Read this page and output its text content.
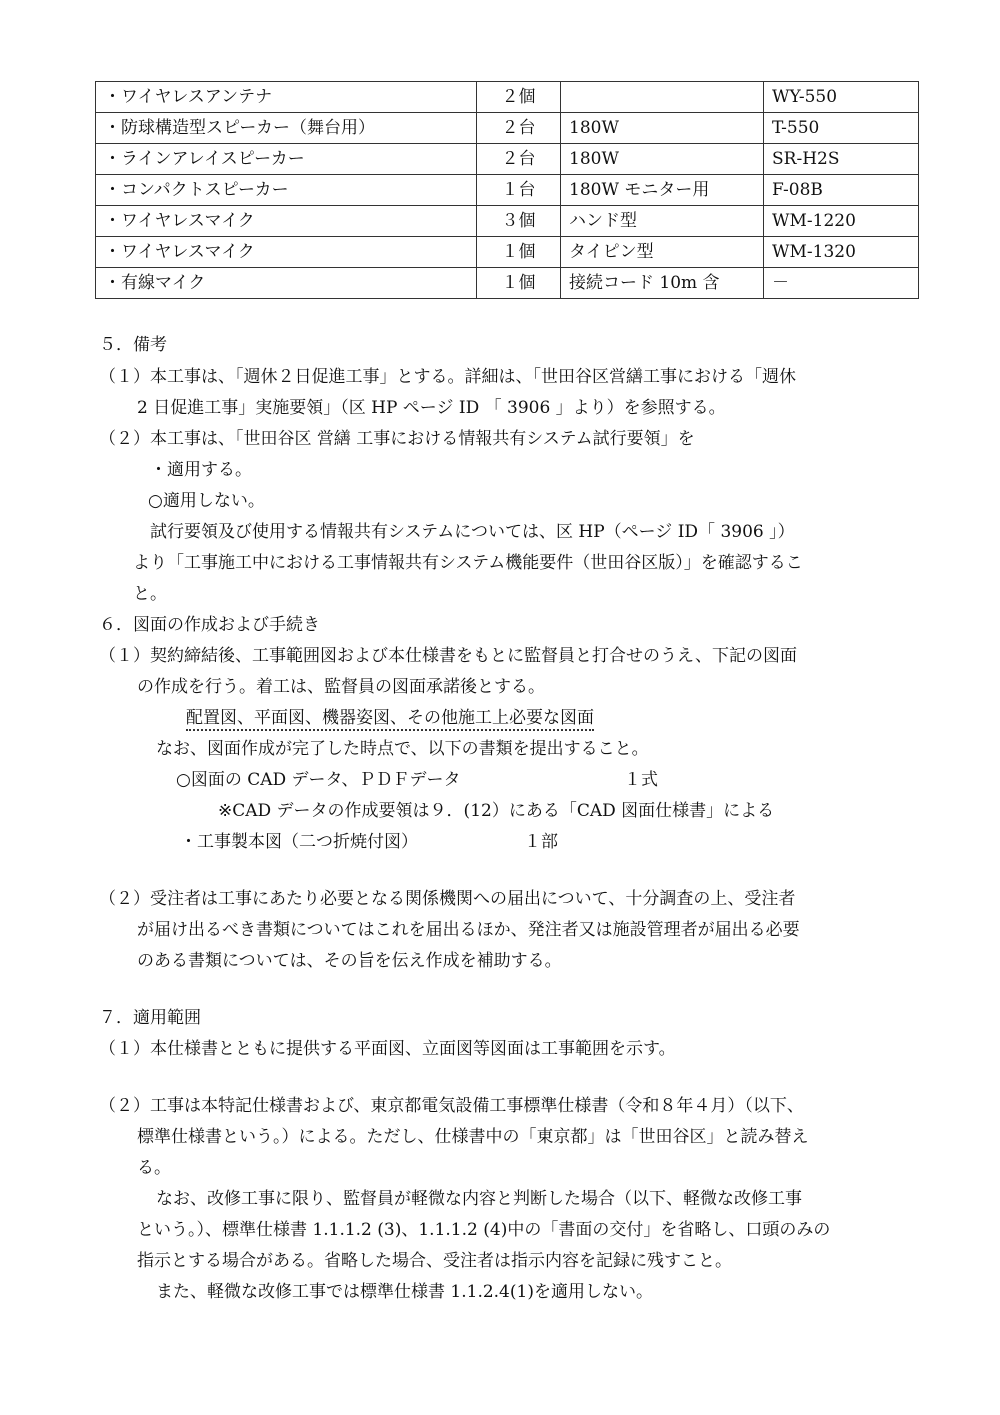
・ワイヤレスアンテナ	２個		WY-550
・防球構造型スピーカー（舞台用）	２台	180W	T-550
・ラインアレイスピーカー	２台	180W	SR-H2S
・コンパクトスピーカー	１台	180W モニター用	F-08B
・ワイヤレスマイク	３個	ハンド型	WM-1220
・ワイヤレスマイク	１個	タイピン型	WM-1320
・有線マイク	１個	接続コード 10m 含	－
５．備考
（１）本工事は、「週休２日促進工事」とする。詳細は、「世田谷区営繕工事における「週休
2 日促進工事」実施要領」（区 HP ページ ID 「 3906 」より）を参照する。
（２）本工事は、「世田谷区 営繕 工事における情報共有システム試行要領」を
・適用する。
○適用しない。
試行要領及び使用する情報共有システムについては、区 HP（ページ ID「 3906 」）
より「工事施工中における工事情報共有システム機能要件（世田谷区版）」を確認するこ
と。
６．図面の作成および手続き
（１）契約締結後、工事範囲図および本仕様書をもとに監督員と打合せのうえ、下記の図面
の作成を行う。着工は、監督員の図面承諾後とする。
配置図、平面図、機器姿図、その他施工上必要な図面
なお、図面作成が完了した時点で、以下の書類を提出すること。
○図面の CAD データ、ＰＤＦデータ	１式
※CAD データの作成要領は９．(12）にある「CAD 図面仕様書」による
・工事製本図（二つ折焼付図）	１部
（２）受注者は工事にあたり必要となる関係機関への届出について、十分調査の上、受注者
が届け出るべき書類についてはこれを届出るほか、発注者又は施設管理者が届出る必要
のある書類については、その旨を伝え作成を補助する。
７．適用範囲
（１）本仕様書とともに提供する平面図、立面図等図面は工事範囲を示す。
（２）工事は本特記仕様書および、東京都電気設備工事標準仕様書（令和８年４月）（以下、
標準仕様書という。）による。ただし、仕様書中の「東京都」は「世田谷区」と読み替え
る。
なお、改修工事に限り、監督員が軽微な内容と判断した場合（以下、軽微な改修工事
という。）、標準仕様書 1.1.1.2 (3)、1.1.1.2 (4)中の「書面の交付」を省略し、口頭のみの
指示とする場合がある。省略した場合、受注者は指示内容を記録に残すこと。
また、軽微な改修工事では標準仕様書 1.1.2.4(1)を適用しない。
